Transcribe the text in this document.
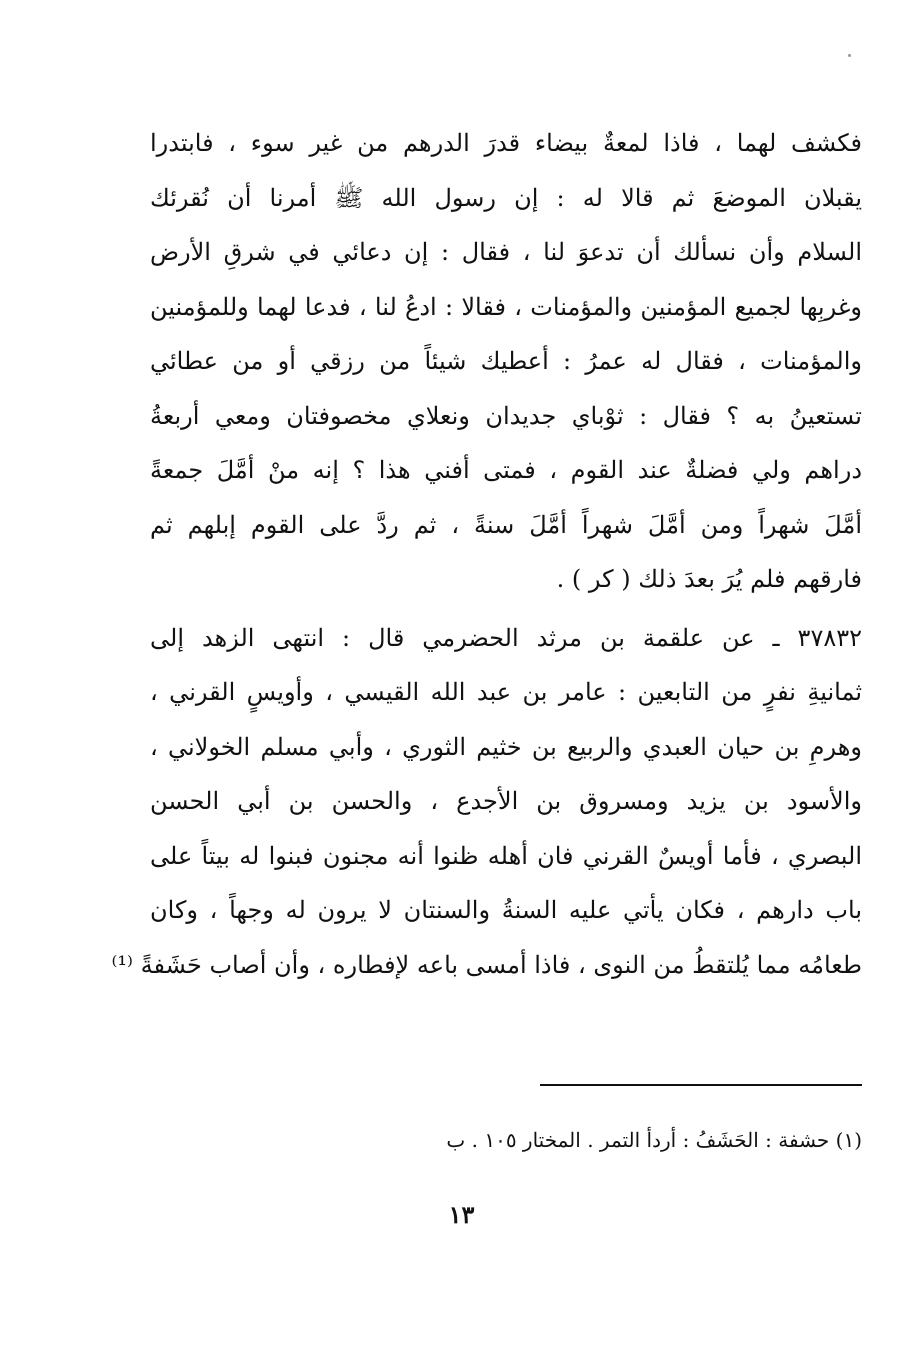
فكشف لهما ، فاذا لمعةٌ بيضاء قدرَ الدرهم من غير سوء ، فابتدرا
يقبلان الموضعَ ثم قالا له : إن رسول الله ﷺ أمرنا أن نُقرئك
السلام وأن نسألك أن تدعوَ لنا ، فقال : إن دعائي في شرقِ الأرض
وغربِها لجميع المؤمنين والمؤمنات ، فقالا : ادعُ لنا ، فدعا لهما وللمؤمنين
والمؤمنات ، فقال له عمرُ : أعطيك شيئاً من رزقي أو من عطائي
تستعينُ به ؟ فقال : ثوْباي جديدان ونعلاي مخصوفتان ومعي أربعةُ
دراهم ولي فضلةٌ عند القوم ، فمتى أفني هذا ؟ إنه منْ أمَّلَ جمعةً
أمَّلَ شهراً ومن أمَّلَ شهراً أمَّلَ سنةً ، ثم ردَّ على القوم إبلهم ثم
فارقهم فلم يُرَ بعدَ ذلك ( كر ) .
٣٧٨٣٢ ـ عن علقمة بن مرثد الحضرمي قال : انتهى الزهد إلى
ثمانيةِ نفرٍ من التابعين : عامر بن عبد الله القيسي ، وأويسٍ القرني ،
وهرمِ بن حيان العبدي والربيع بن خثيم الثوري ، وأبي مسلم الخولاني ،
والأسود بن يزيد ومسروق بن الأجدع ، والحسن بن أبي الحسن
البصري ، فأما أويسٌ القرني فان أهله ظنوا أنه مجنون فبنوا له بيتاً على
باب دارهم ، فكان يأتي عليه السنةُ والسنتان لا يرون له وجهاً ، وكان
طعامُه مما يُلتقطُ من النوى ، فاذا أمسى باعه لإفطاره ، وأن أصاب حَشَفةً ⁽¹⁾
(١) حشفة : الحَشَفُ : أردأ التمر . المختار ١٠٥ . ب
١٣
